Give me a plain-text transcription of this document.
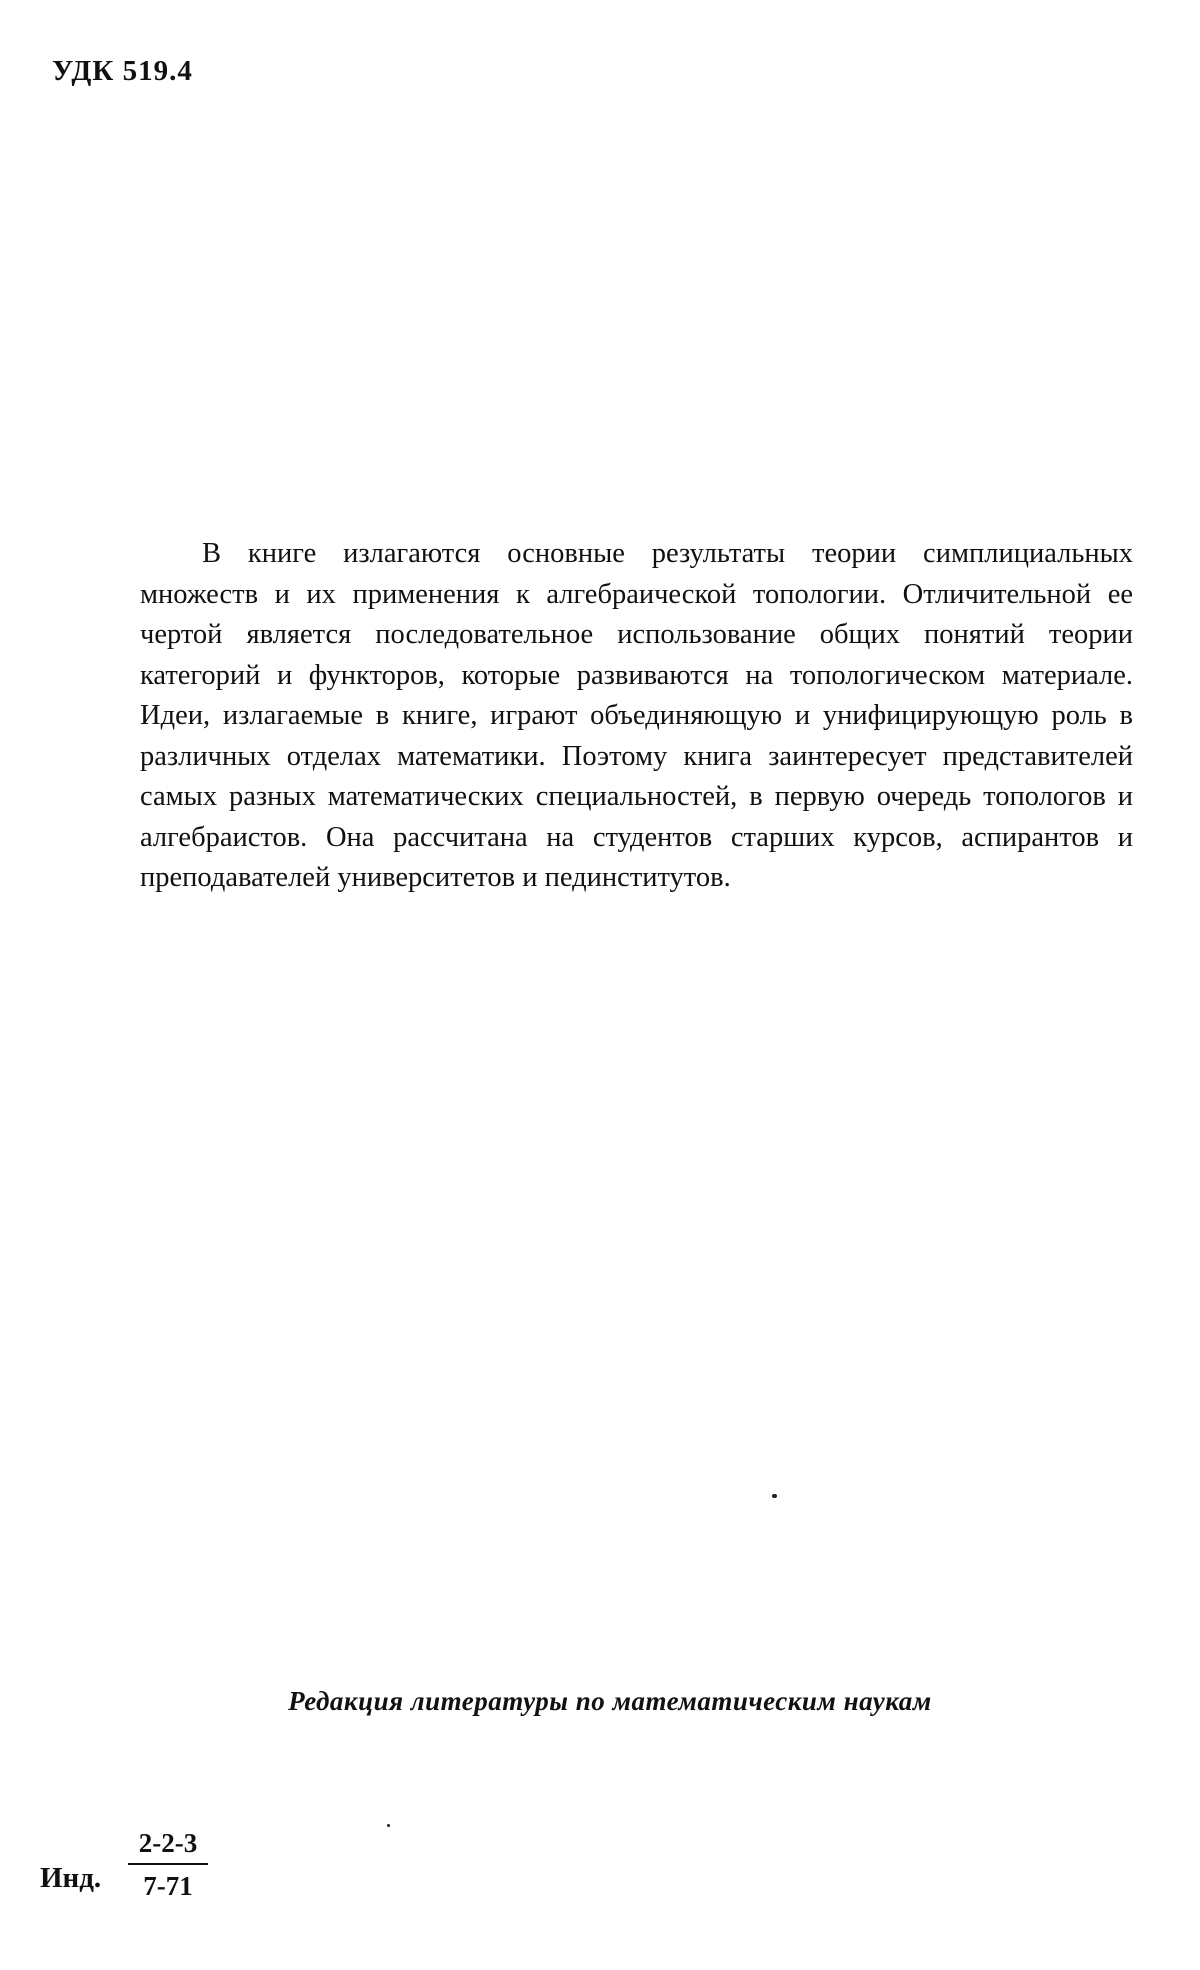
УДК 519.4

В книге излагаются основные результаты теории симплициальных множеств и их применения к алгебраической топологии. Отличительной ее чертой является последовательное использование общих понятий теории категорий и функторов, которые развиваются на топологическом материале. Идеи, излагаемые в книге, играют объединяющую и унифицирующую роль в различных отделах математики. Поэтому книга заинтересует представителей самых разных математических специальностей, в первую очередь топологов и алгебраистов. Она рассчитана на студентов старших курсов, аспирантов и преподавателей университетов и пединститутов.

Редакция литературы по математическим наукам
Инд. $\frac{2-2-3}{7-71}$
